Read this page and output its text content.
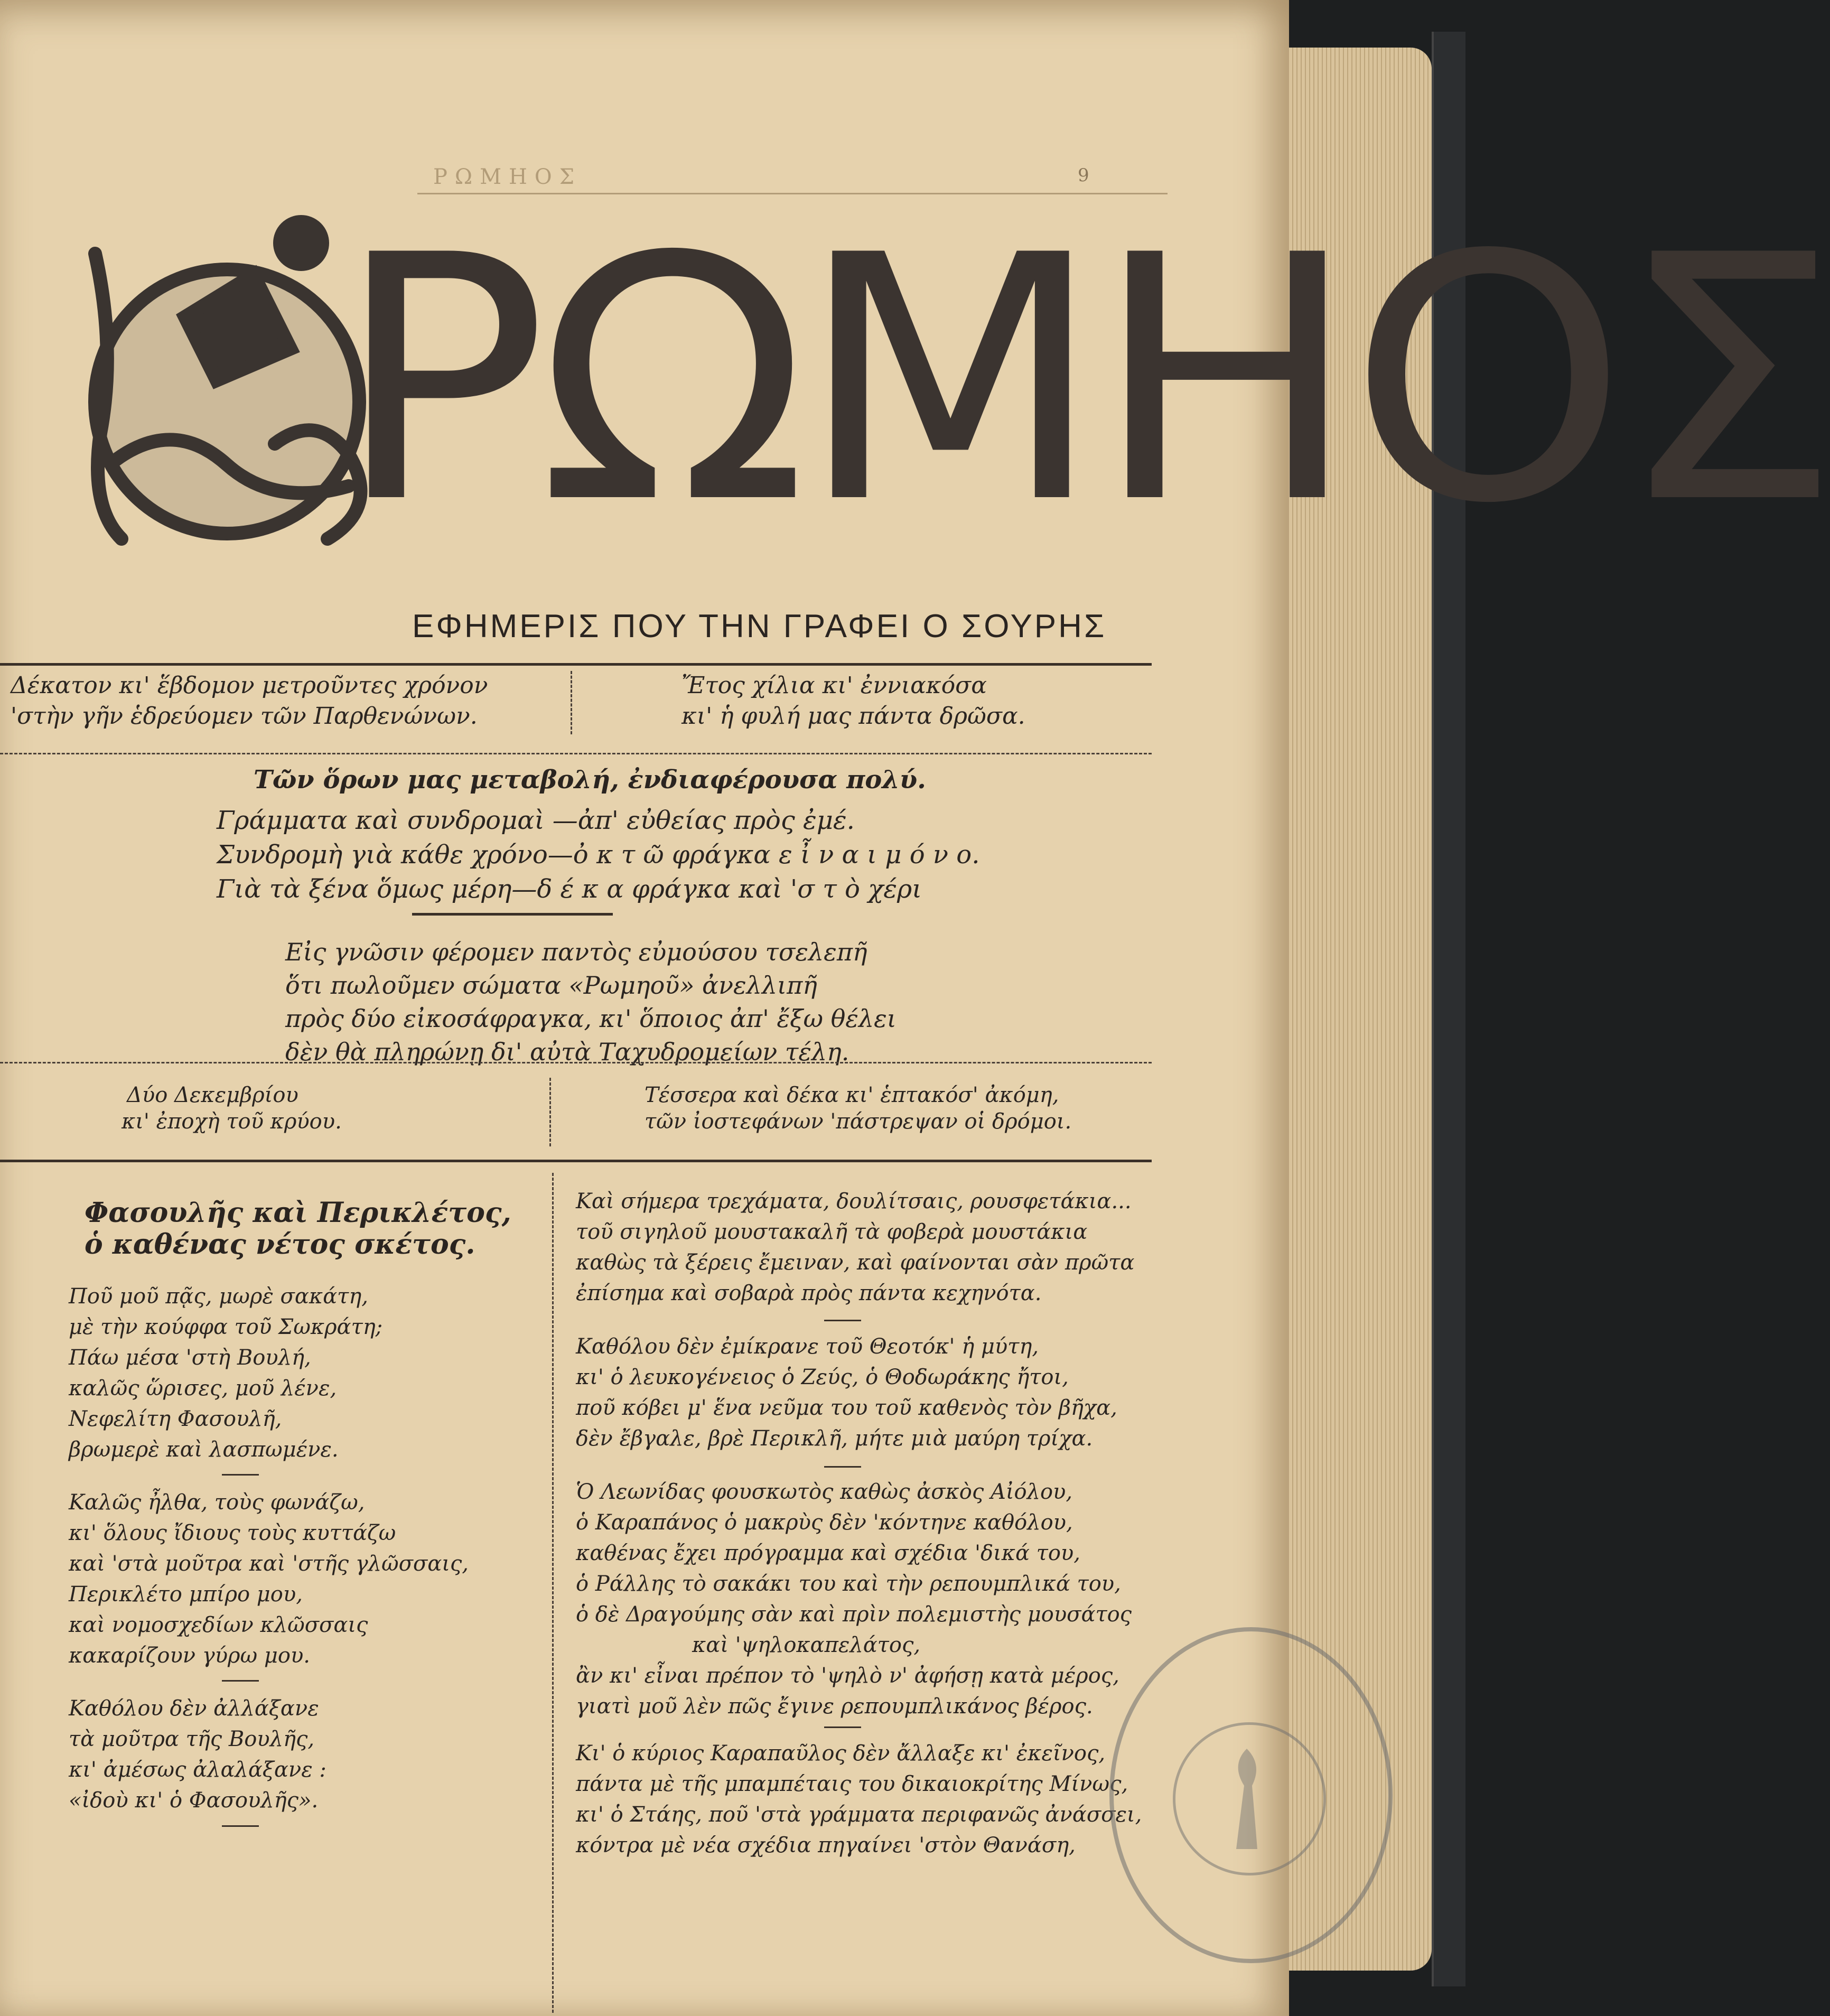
ΡΩΜΗΟΣ	9
ΡΩΜΗΟΣ
ΕΦΗΜΕΡΙΣ ΠΟΥ ΤΗΝ ΓΡΑΦΕΙ Ο ΣΟΥΡΗΣ
Δέκατον κι' ἕβδομον μετροῦντες χρόνον
'στὴν γῆν ἑδρεύομεν τῶν Παρθενώνων.
Ἔτος χίλια κι' ἐννιακόσα
κι' ἡ φυλή μας πάντα δρῶσα.
Τῶν ὅρων μας μεταβολή, ἐνδιαφέρουσα πολύ.
Γράμματα καὶ συνδρομαὶ —ἀπ' εὐθείας πρὸς ἐμέ.
Συνδρομὴ γιὰ κάθε χρόνο—ὀ κ τ ῶ φράγκα ε ἶ ν α ι μ ό ν ο.
Γιὰ τὰ ξένα ὅμως μέρη—δ έ κ α φράγκα καὶ 'σ τ ὸ χέρι
Εἰς γνῶσιν φέρομεν παντὸς εὐμούσου τσελεπῆ
ὅτι πωλοῦμεν σώματα «Ρωμηοῦ» ἀνελλιπῆ
πρὸς δύο εἰκοσάφραγκα, κι' ὅποιος ἀπ' ἔξω θέλει
δὲν θὰ πληρώνῃ δι' αὐτὰ Ταχυδρομείων τέλη.
Δύο Δεκεμβρίου
κι' ἐποχὴ τοῦ κρύου.
Τέσσερα καὶ δέκα κι' ἑπτακόσ' ἀκόμη,
τῶν ἰοστεφάνων 'πάστρεψαν οἱ δρόμοι.
Φασουλῆς καὶ Περικλέτος,
ὁ καθένας νέτος σκέτος.
Ποῦ μοῦ πᾷς, μωρὲ σακάτη,
μὲ τὴν κούφφα τοῦ Σωκράτη;
Πάω μέσα 'στὴ Βουλή,
καλῶς ὥρισες, μοῦ λένε,
Νεφελίτη Φασουλῆ,
βρωμερὲ καὶ λασπωμένε.
Καλῶς ἦλθα, τοὺς φωνάζω,
κι' ὅλους ἴδιους τοὺς κυττάζω
καὶ 'στὰ μοῦτρα καὶ 'στῆς γλῶσσαις,
Περικλέτο μπίρο μου,
καὶ νομοσχεδίων κλῶσσαις
κακαρίζουν γύρω μου.
Καθόλου δὲν ἀλλάξανε
τὰ μοῦτρα τῆς Βουλῆς,
κι' ἀμέσως ἀλαλάξανε :
«ἰδοὺ κι' ὁ Φασουλῆς».
Καὶ σήμερα τρεχάματα, δουλίτσαις, ρουσφετάκια...
τοῦ σιγηλοῦ μουστακαλῆ τὰ φοβερὰ μουστάκια
καθὼς τὰ ξέρεις ἔμειναν, καὶ φαίνονται σὰν πρῶτα
ἐπίσημα καὶ σοβαρὰ πρὸς πάντα κεχηνότα.
Καθόλου δὲν ἐμίκρανε τοῦ Θεοτόκ' ἡ μύτη,
κι' ὁ λευκογένειος ὁ Ζεύς, ὁ Θοδωράκης ἤτοι,
ποῦ κόβει μ' ἕνα νεῦμα του τοῦ καθενὸς τὸν βῆχα,
δὲν ἔβγαλε, βρὲ Περικλῆ, μήτε μιὰ μαύρη τρίχα.
Ὁ Λεωνίδας φουσκωτὸς καθὼς ἀσκὸς Αἰόλου,
ὁ Καραπάνος ὁ μακρὺς δὲν 'κόντηνε καθόλου,
καθένας ἔχει πρόγραμμα καὶ σχέδια 'δικά του,
ὁ Ράλλης τὸ σακάκι του καὶ τὴν ρεπουμπλικά του,
ὁ δὲ Δραγούμης σὰν καὶ πρὶν πολεμιστὴς μουσάτος
καὶ 'ψηλοκαπελάτος,
ἂν κι' εἶναι πρέπον τὸ 'ψηλὸ ν' ἀφήσῃ κατὰ μέρος,
γιατὶ μοῦ λὲν πῶς ἔγινε ρεπουμπλικάνος βέρος.
Κι' ὁ κύριος Καραπαῦλος δὲν ἄλλαξε κι' ἐκεῖνος,
πάντα μὲ τῆς μπαμπέταις του δικαιοκρίτης Μίνως,
κι' ὁ Στάης, ποῦ 'στὰ γράμματα περιφανῶς ἀνάσσει,
κόντρα μὲ νέα σχέδια πηγαίνει 'στὸν Θανάση,
